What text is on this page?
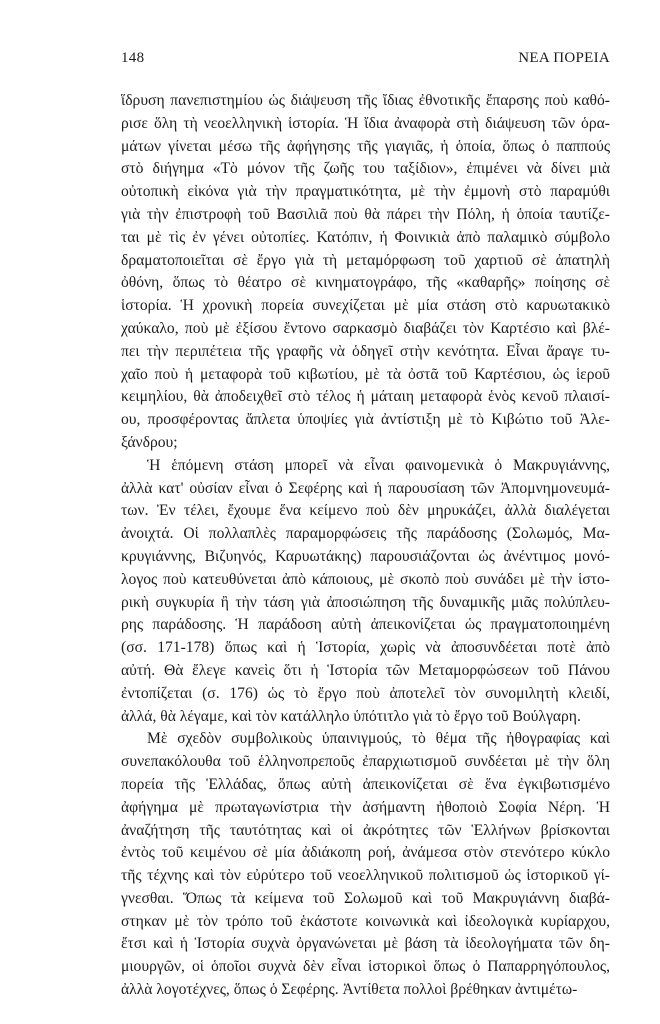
148	ΝΕΑ ΠΟΡΕΙΑ
ἵδρυση πανεπιστημίου ὡς διάψευση τῆς ἴδιας ἐθνοτικῆς ἔπαρσης ποὺ καθό-
ρισε ὅλη τὴ νεοελληνικὴ ἱστορία. Ἡ ἴδια ἀναφορὰ στὴ διάψευση τῶν ὁρα-
μάτων γίνεται μέσω τῆς ἀφήγησης τῆς γιαγιᾶς, ἡ ὁποία, ὅπως ὁ παππούς
στὸ διήγημα «Τὸ μόνον τῆς ζωῆς του ταξίδιον», ἐπιμένει νὰ δίνει μιὰ
οὐτοπικὴ εἰκόνα γιὰ τὴν πραγματικότητα, μὲ τὴν ἐμμονὴ στὸ παραμύθι
γιὰ τὴν ἐπιστροφὴ τοῦ Βασιλιᾶ ποὺ θὰ πάρει τὴν Πόλη, ἡ ὁποία ταυτίζε-
ται μὲ τὶς ἐν γένει οὐτοπίες. Κατόπιν, ἡ Φοινικιὰ ἀπὸ παλαμικὸ σύμβολο
δραματοποιεῖται σὲ ἔργο γιὰ τὴ μεταμόρφωση τοῦ χαρτιοῦ σὲ ἀπατηλὴ
ὀθόνη, ὅπως τὸ θέατρο σὲ κινηματογράφο, τῆς «καθαρῆς» ποίησης σὲ
ἱστορία. Ἡ χρονικὴ πορεία συνεχίζεται μὲ μία στάση στὸ καρυωτακικὸ
χαύκαλο, ποὺ μὲ ἐξίσου ἔντονο σαρκασμὸ διαβάζει τὸν Καρτέσιο καὶ βλέ-
πει τὴν περιπέτεια τῆς γραφῆς νὰ ὁδηγεῖ στὴν κενότητα. Εἶναι ἄραγε τυ-
χαῖο ποὺ ἡ μεταφορὰ τοῦ κιβωτίου, μὲ τὰ ὀστᾶ τοῦ Καρτέσιου, ὡς ἱεροῦ
κειμηλίου, θὰ ἀποδειχθεῖ στὸ τέλος ἡ μάταιη μεταφορὰ ἑνὸς κενοῦ πλαισί-
ου, προσφέροντας ἄπλετα ὑποψίες γιὰ ἀντίστιξη μὲ τὸ Κιβώτιο τοῦ Ἀλε-
ξάνδρου;
Ἡ ἑπόμενη στάση μπορεῖ νὰ εἶναι φαινομενικὰ ὁ Μακρυγιάννης,
ἀλλὰ κατ' οὐσίαν εἶναι ὁ Σεφέρης καὶ ἡ παρουσίαση τῶν Ἀπομνημονευμά-
των. Ἐν τέλει, ἔχουμε ἕνα κείμενο ποὺ δὲν μηρυκάζει, ἀλλὰ διαλέγεται
ἀνοιχτά. Οἱ πολλαπλὲς παραμορφώσεις τῆς παράδοσης (Σολωμός, Μα-
κρυγιάννης, Βιζυηνός, Καρυωτάκης) παρουσιάζονται ὡς ἀνέντιμος μονό-
λογος ποὺ κατευθύνεται ἀπὸ κάποιους, μὲ σκοπὸ ποὺ συνάδει μὲ τὴν ἱστο-
ρικὴ συγκυρία ἢ τὴν τάση γιὰ ἀποσιώπηση τῆς δυναμικῆς μιᾶς πολύπλευ-
ρης παράδοσης. Ἡ παράδοση αὐτὴ ἀπεικονίζεται ὡς πραγματοποιημένη
(σσ. 171-178) ὅπως καὶ ἡ Ἱστορία, χωρὶς νὰ ἀποσυνδέεται ποτὲ ἀπὸ
αὐτή. Θὰ ἔλεγε κανεὶς ὅτι ἡ Ἱστορία τῶν Μεταμορφώσεων τοῦ Πάνου
ἐντοπίζεται (σ. 176) ὡς τὸ ἔργο ποὺ ἀποτελεῖ τὸν συνομιλητὴ κλειδί,
ἀλλά, θὰ λέγαμε, καὶ τὸν κατάλληλο ὑπότιτλο γιὰ τὸ ἔργο τοῦ Βούλγαρη.
Μὲ σχεδὸν συμβολικοὺς ὑπαινιγμούς, τὸ θέμα τῆς ἠθογραφίας καὶ
συνεπακόλουθα τοῦ ἑλληνοπρεποῦς ἐπαρχιωτισμοῦ συνδέεται μὲ τὴν ὅλη
πορεία τῆς Ἑλλάδας, ὅπως αὐτὴ ἀπεικονίζεται σὲ ἕνα ἐγκιβωτισμένο
ἀφήγημα μὲ πρωταγωνίστρια τὴν ἀσήμαντη ἠθοποιὸ Σοφία Νέρη. Ἡ
ἀναζήτηση τῆς ταυτότητας καὶ οἱ ἀκρότητες τῶν Ἑλλήνων βρίσκονται
ἐντὸς τοῦ κειμένου σὲ μία ἀδιάκοπη ροή, ἀνάμεσα στὸν στενότερο κύκλο
τῆς τέχνης καὶ τὸν εὐρύτερο τοῦ νεοελληνικοῦ πολιτισμοῦ ὡς ἱστορικοῦ γί-
γνεσθαι. Ὅπως τὰ κείμενα τοῦ Σολωμοῦ καὶ τοῦ Μακρυγιάννη διαβά-
στηκαν μὲ τὸν τρόπο τοῦ ἑκάστοτε κοινωνικὰ καὶ ἰδεολογικὰ κυρίαρχου,
ἔτσι καὶ ἡ Ἱστορία συχνὰ ὀργανώνεται μὲ βάση τὰ ἰδεολογήματα τῶν δη-
μιουργῶν, οἱ ὁποῖοι συχνὰ δὲν εἶναι ἱστορικοὶ ὅπως ὁ Παπαρρηγόπουλος,
ἀλλὰ λογοτέχνες, ὅπως ὁ Σεφέρης. Ἀντίθετα πολλοὶ βρέθηκαν ἀντιμέτω-
